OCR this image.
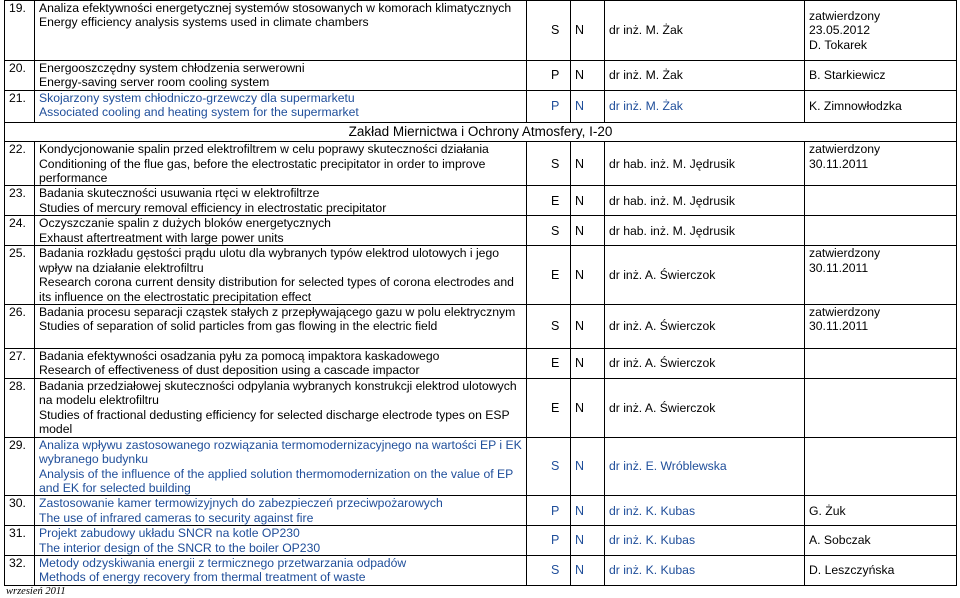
19.	Analiza efektywności energetycznej systemów stosowanych w komorach klimatycznych
Energy efficiency analysis systems used in climate chambers	S	N	dr inż. M. Żak	zatwierdzony
23.05.2012
D. Tokarek

20.	Energooszczędny system chłodzenia serwerowni
Energy-saving server room cooling system	P	N	dr inż. M. Żak	B. Starkiewicz
21.	Skojarzony system chłodniczo-grzewczy dla supermarketu
Associated cooling and heating system for the supermarket	P	N	dr inż. M. Żak	K. Zimnowłodzka
Zakład Miernictwa i Ochrony Atmosfery, I-20					
22.	Kondycjonowanie spalin przed elektrofiltrem w celu poprawy skuteczności działania
Conditioning of the flue gas, before the electrostatic precipitator in order to improve performance	S	N	dr hab. inż. M. Jędrusik	zatwierdzony
30.11.2011

23.	Badania skuteczności usuwania rtęci w elektrofiltrze
Studies of mercury removal efficiency in electrostatic precipitator	E	N	dr hab. inż. M. Jędrusik	
24.	Oczyszczanie spalin z dużych bloków energetycznych
Exhaust aftertreatment with large power units	S	N	dr hab. inż. M. Jędrusik	
25.	Badania rozkładu gęstości prądu ulotu dla wybranych typów elektrod ulotowych i jego wpływ na działanie elektrofiltru
Research corona current density distribution for selected types of corona electrodes and its influence on the electrostatic precipitation effect	E	N	dr inż. A. Świerczok	zatwierdzony
30.11.2011

26.	Badania procesu separacji cząstek stałych z przepływającego gazu w polu elektrycznym
Studies of separation of solid particles from gas flowing in the electric field	S	N	dr inż. A. Świerczok	zatwierdzony
30.11.2011

27.	Badania efektywności osadzania pyłu za pomocą impaktora kaskadowego
Research of effectiveness of dust deposition using a cascade impactor	E	N	dr inż. A. Świerczok	
28.	Badania przedziałowej skuteczności odpylania wybranych konstrukcji elektrod ulotowych na modelu elektrofiltru
Studies of fractional dedusting efficiency for selected discharge electrode types on ESP model	E	N	dr inż. A. Świerczok	
29.	Analiza wpływu zastosowanego rozwiązania termomodernizacyjnego na wartości EP i EK wybranego budynku
Analysis of the influence of the applied solution thermomodernization on the value of EP and EK for selected building	S	N	dr inż. E. Wróblewska	
30.	Zastosowanie kamer termowizyjnych do zabezpieczeń przeciwpożarowych
The use of infrared cameras to security against fire	P	N	dr inż. K. Kubas	G. Żuk
31.	Projekt zabudowy układu SNCR na kotle OP230
The interior design of the SNCR to the boiler OP230	P	N	dr inż. K. Kubas	A. Sobczak
32.	Metody odzyskiwania energii z termicznego przetwarzania odpadów
Methods of energy recovery from thermal treatment of waste	S	N	dr inż. K. Kubas	D. Leszczyńska
wrzesień 2011
